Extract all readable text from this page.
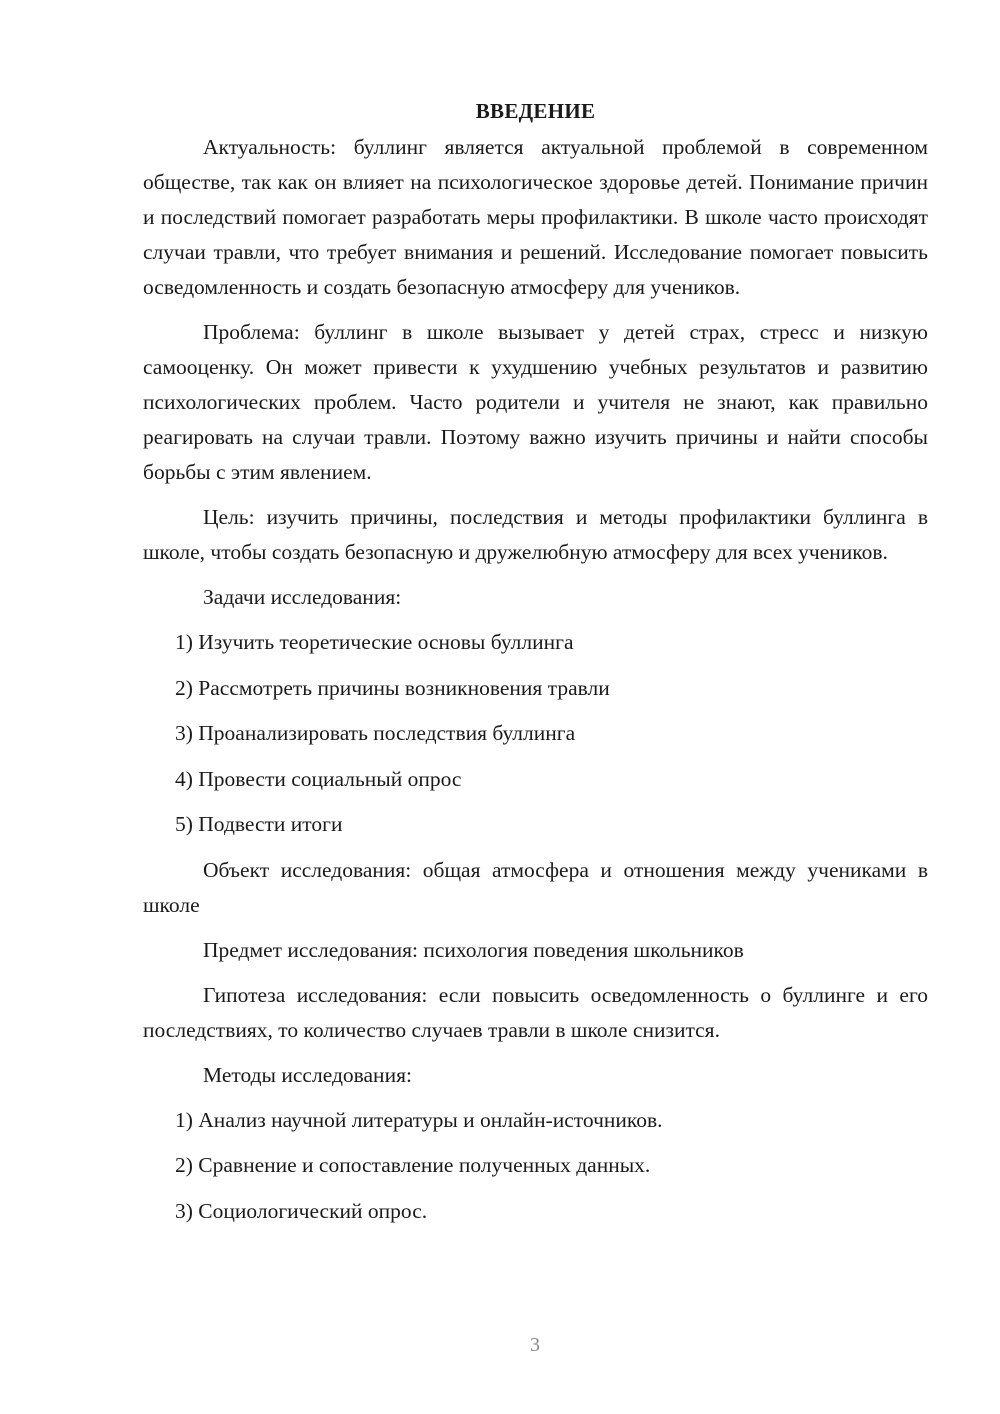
ВВЕДЕНИЕ

Актуальность: буллинг является актуальной проблемой в современном обществе, так как он влияет на психологическое здоровье детей. Понимание причин и последствий помогает разработать меры профилактики. В школе часто происходят случаи травли, что требует внимания и решений. Исследование помогает повысить осведомленность и создать безопасную атмосферу для учеников.

Проблема: буллинг в школе вызывает у детей страх, стресс и низкую самооценку. Он может привести к ухудшению учебных результатов и развитию психологических проблем. Часто родители и учителя не знают, как правильно реагировать на случаи травли. Поэтому важно изучить причины и найти способы борьбы с этим явлением.

Цель: изучить причины, последствия и методы профилактики буллинга в школе, чтобы создать безопасную и дружелюбную атмосферу для всех учеников.

Задачи исследования:
1) Изучить теоретические основы буллинга
2) Рассмотреть причины возникновения травли
3) Проанализировать последствия буллинга
4) Провести социальный опрос
5) Подвести итоги

Объект исследования: общая атмосфера и отношения между учениками в школе

Предмет исследования: психология поведения школьников

Гипотеза исследования: если повысить осведомленность о буллинге и его последствиях, то количество случаев травли в школе снизится.

Методы исследования:
1) Анализ научной литературы и онлайн-источников.
2) Сравнение и сопоставление полученных данных.
3) Социологический опрос.
3
